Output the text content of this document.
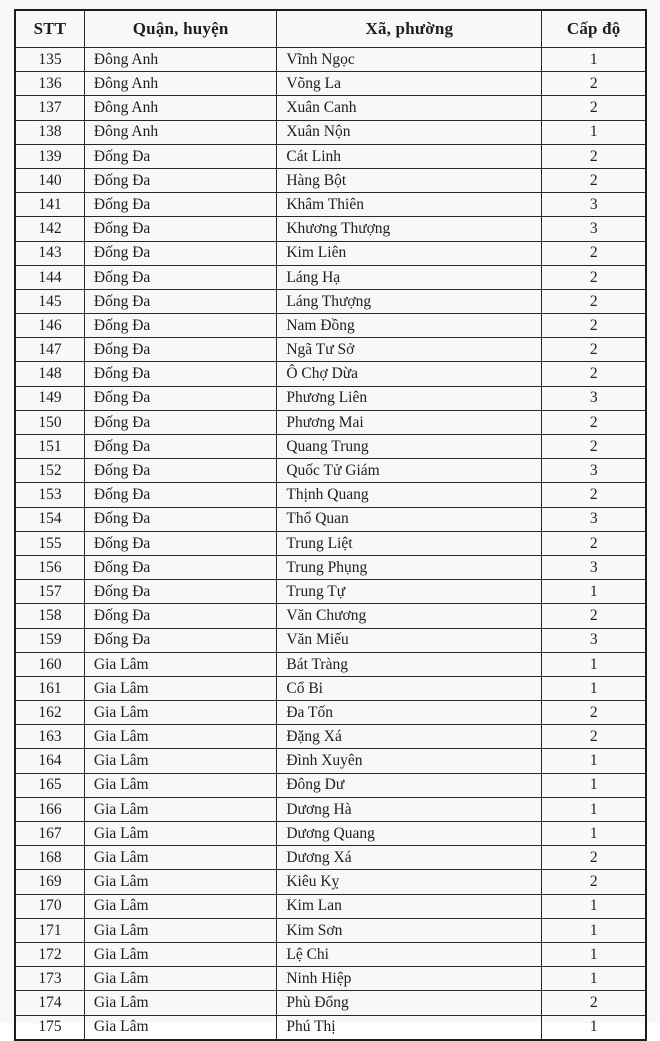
STT	Quận, huyện	Xã, phường	Cấp độ
135	Đông Anh	Vĩnh Ngọc	1
136	Đông Anh	Võng La	2
137	Đông Anh	Xuân Canh	2
138	Đông Anh	Xuân Nộn	1
139	Đống Đa	Cát Linh	2
140	Đống Đa	Hàng Bột	2
141	Đống Đa	Khâm Thiên	3
142	Đống Đa	Khương Thượng	3
143	Đống Đa	Kim Liên	2
144	Đống Đa	Láng Hạ	2
145	Đống Đa	Láng Thượng	2
146	Đống Đa	Nam Đồng	2
147	Đống Đa	Ngã Tư Sở	2
148	Đống Đa	Ô Chợ Dừa	2
149	Đống Đa	Phương Liên	3
150	Đống Đa	Phương Mai	2
151	Đống Đa	Quang Trung	2
152	Đống Đa	Quốc Tử Giám	3
153	Đống Đa	Thịnh Quang	2
154	Đống Đa	Thổ Quan	3
155	Đống Đa	Trung Liệt	2
156	Đống Đa	Trung Phụng	3
157	Đống Đa	Trung Tự	1
158	Đống Đa	Văn Chương	2
159	Đống Đa	Văn Miếu	3
160	Gia Lâm	Bát Tràng	1
161	Gia Lâm	Cổ Bi	1
162	Gia Lâm	Đa Tốn	2
163	Gia Lâm	Đặng Xá	2
164	Gia Lâm	Đình Xuyên	1
165	Gia Lâm	Đông Dư	1
166	Gia Lâm	Dương Hà	1
167	Gia Lâm	Dương Quang	1
168	Gia Lâm	Dương Xá	2
169	Gia Lâm	Kiêu Kỵ	2
170	Gia Lâm	Kim Lan	1
171	Gia Lâm	Kim Sơn	1
172	Gia Lâm	Lệ Chi	1
173	Gia Lâm	Ninh Hiệp	1
174	Gia Lâm	Phù Đổng	2
175	Gia Lâm	Phú Thị	1
